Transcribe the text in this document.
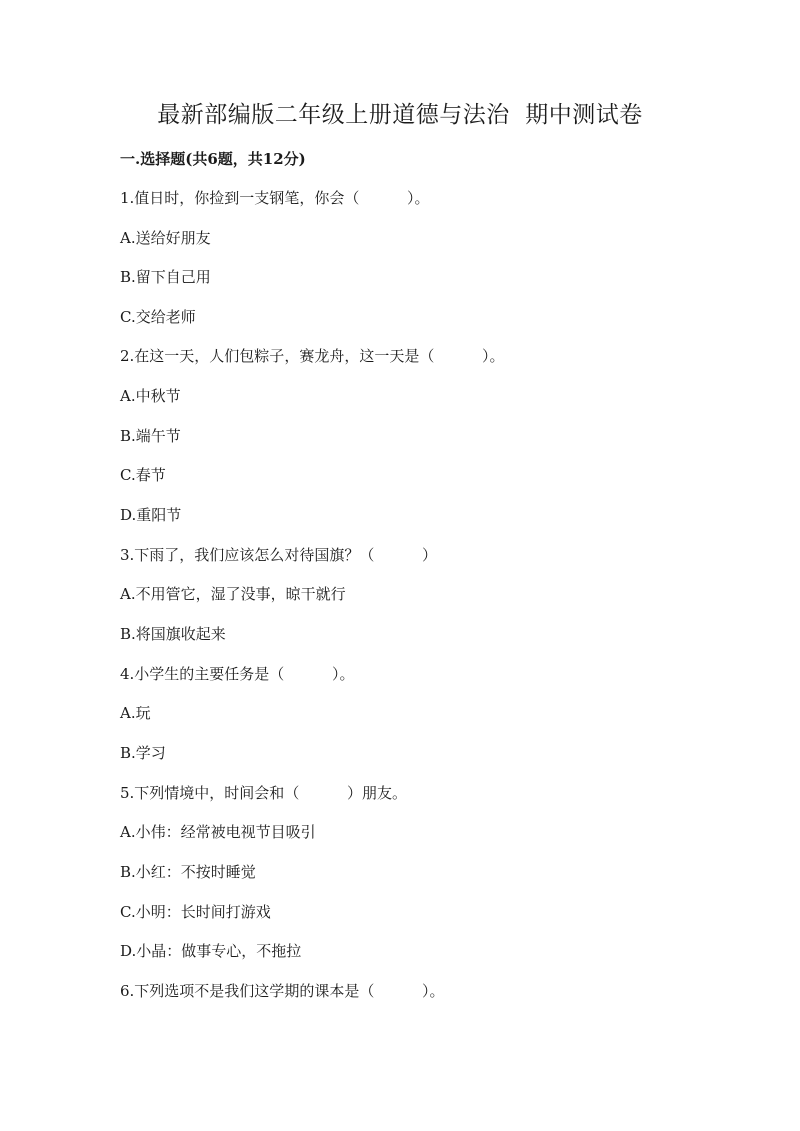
最新部编版二年级上册道德与法治  期中测试卷
一.选择题(共6题，共12分)

1.值日时，你捡到一支钢笔，你会（          ）。

A.送给好朋友

B.留下自己用

C.交给老师

2.在这一天，人们包粽子，赛龙舟，这一天是（          ）。

A.中秋节

B.端午节

C.春节

D.重阳节

3.下雨了，我们应该怎么对待国旗？（          ）

A.不用管它，湿了没事，晾干就行

B.将国旗收起来

4.小学生的主要任务是（          ）。

A.玩

B.学习

5.下列情境中，时间会和（          ）朋友。

A.小伟：经常被电视节目吸引

B.小红：不按时睡觉

C.小明：长时间打游戏

D.小晶：做事专心，不拖拉

6.下列选项不是我们这学期的课本是（          ）。
